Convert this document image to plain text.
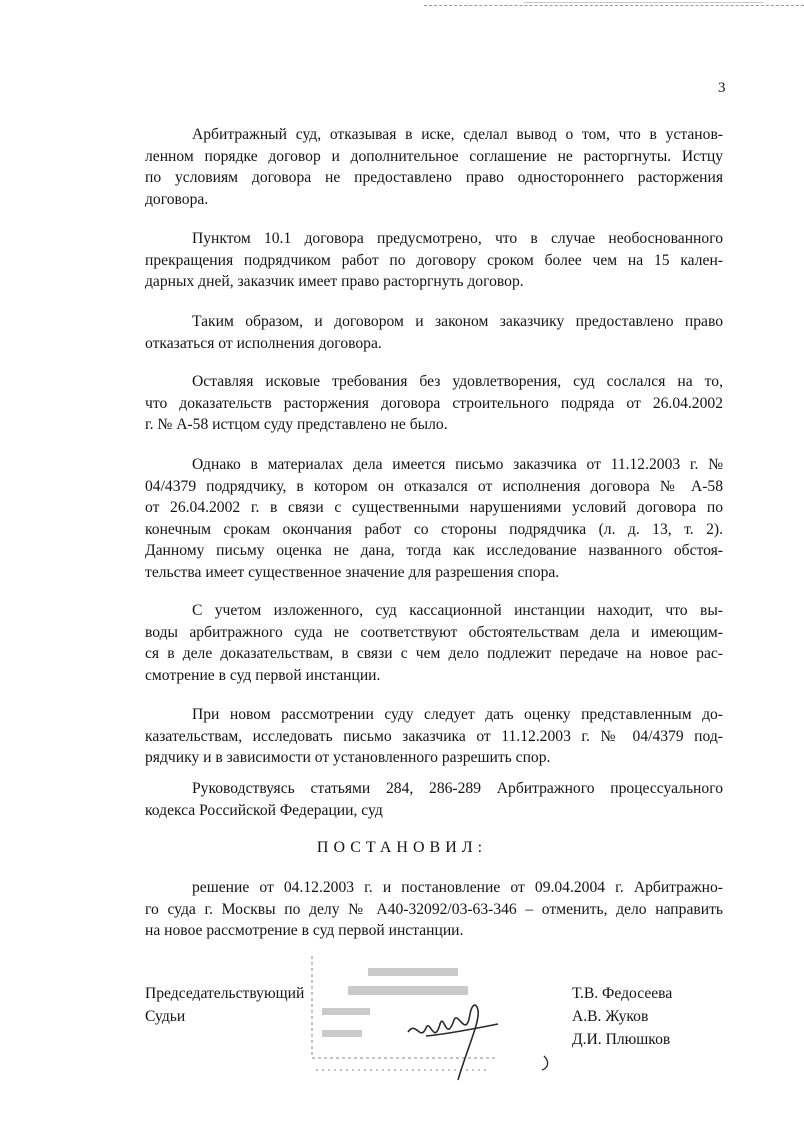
3
Арбитражный суд, отказывая в иске, сделал вывод о том, что в установ-
ленном порядке договор и дополнительное соглашение не расторгнуты. Истцу
по условиям договора не предоставлено право одностороннего расторжения
договора.
Пунктом 10.1 договора предусмотрено, что в случае необоснованного
прекращения подрядчиком работ по договору сроком более чем на 15 кален-
дарных дней, заказчик имеет право расторгнуть договор.
Таким образом, и договором и законом заказчику предоставлено право
отказаться от исполнения договора.
Оставляя исковые требования без удовлетворения, суд сослался на то,
что доказательств расторжения договора строительного подряда от 26.04.2002
г. № А-58 истцом суду представлено не было.
Однако в материалах дела имеется письмо заказчика от 11.12.2003 г. №
04/4379 подрядчику, в котором он отказался от исполнения договора № А-58
от 26.04.2002 г. в связи с существенными нарушениями условий договора по
конечным срокам окончания работ со стороны подрядчика (л. д. 13, т. 2).
Данному письму оценка не дана, тогда как исследование названного обстоя-
тельства имеет существенное значение для разрешения спора.
С учетом изложенного, суд кассационной инстанции находит, что вы-
воды арбитражного суда не соответствуют обстоятельствам дела и имеющим-
ся в деле доказательствам, в связи с чем дело подлежит передаче на новое рас-
смотрение в суд первой инстанции.
При новом рассмотрении суду следует дать оценку представленным до-
казательствам, исследовать письмо заказчика от 11.12.2003 г. № 04/4379 под-
рядчику и в зависимости от установленного разрешить спор.
Руководствуясь статьями 284, 286-289 Арбитражного процессуального
кодекса Российской Федерации, суд
ПОСТАНОВИЛ:
решение от 04.12.2003 г. и постановление от 09.04.2004 г. Арбитражно-
го суда г. Москвы по делу № А40-32092/03-63-346 – отменить, дело направить
на новое рассмотрение в суд первой инстанции.
Председательствующий
Судьи
Т.В. Федосеева
А.В. Жуков
Д.И. Плюшков
